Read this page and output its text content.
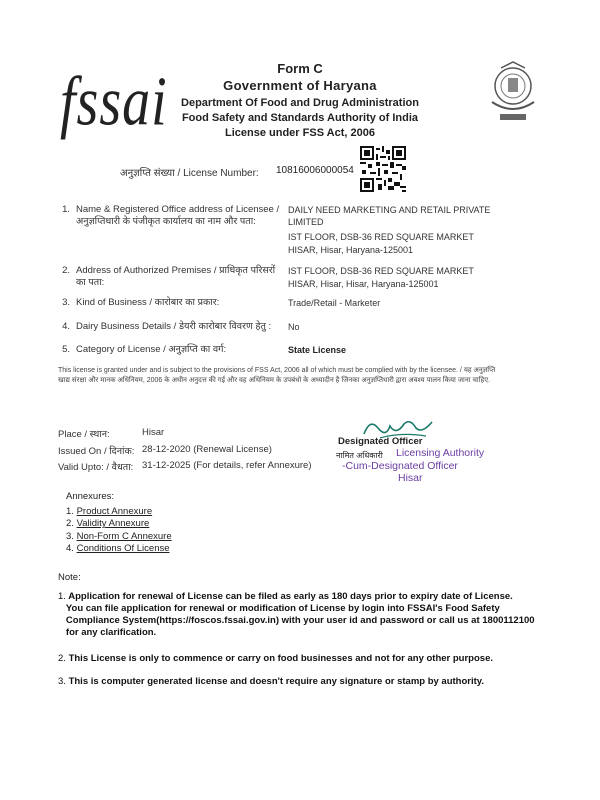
fssai	Form C
Government of Haryana
Department Of Food and Drug Administration
Food Safety and Standards Authority of India
License under FSS Act, 2006
अनुज्ञप्ति संख्या / License Number: 10816006000054
1. Name & Registered Office address of Licensee / अनुज्ञप्तिधारी के पंजीकृत कार्यालय का नाम और पता:
DAILY NEED MARKETING AND RETAIL PRIVATE LIMITED
IST FLOOR, DSB-36 RED SQUARE MARKET
HISAR, Hisar, Haryana-125001
2. Address of Authorized Premises / प्राधिकृत परिसरों का पता:
IST FLOOR, DSB-36 RED SQUARE MARKET
HISAR, Hisar, Hisar, Haryana-125001
3. Kind of Business / कारोबार का प्रकार:	Trade/Retail - Marketer
4. Dairy Business Details / डेयरी कारोबार विवरण हेतु :	No
5. Category of License / अनुज्ञप्ति का वर्ग:	State License
This license is granted under and is subject to the provisions of FSS Act, 2006 all of which must be complied with by the licensee. / यह अनुज्ञप्ति खाद्य संरक्षा और मानक अधिनियम, 2006 के अधीन अनुदत्त की गई और वह अधिनियम के उपबंधो के अध्यादीन है जिनका अनुज्ञप्तिधारी द्वारा अवश्य पालन किया जाना चाहिए.
Place / स्थान:	Hisar
Issued On / दिनांक: 28-12-2020 (Renewal License)
Valid Upto: / वैधता: 31-12-2025 (For details, refer Annexure)
Designated Officer
नामित अधिकारी Licensing Authority
-Cum-Designated Officer
Hisar
Annexures:
1. Product Annexure
2. Validity Annexure
3. Non-Form C Annexure
4. Conditions Of License
Note:
1. Application for renewal of License can be filed as early as 180 days prior to expiry date of License.
You can file application for renewal or modification of License by login into FSSAI's Food Safety
Compliance System(https://foscos.fssai.gov.in) with your user id and password or call us at 1800112100
for any clarification.
2. This License is only to commence or carry on food businesses and not for any other purpose.
3. This is computer generated license and doesn't require any signature or stamp by authority.
